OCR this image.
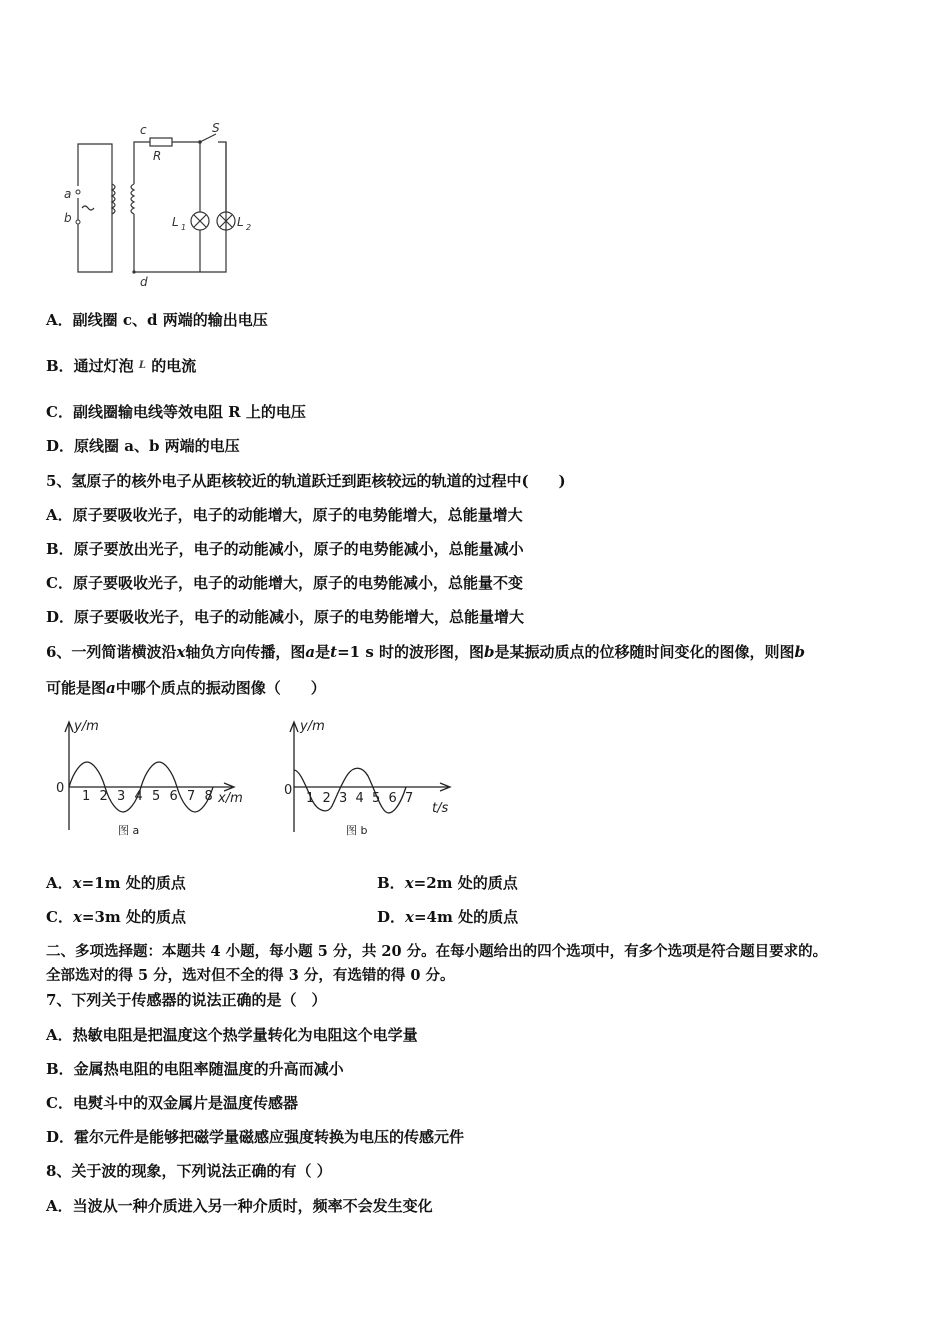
a
b
c
d
R
S
L 1	L 2
A．副线圈 c、d 两端的输出电压
B．通过灯泡 $^L$ 的电流
C．副线圈输电线等效电阻 R 上的电压
D．原线圈 a、b 两端的电压
5、氢原子的核外电子从距核较近的轨道跃迁到距核较远的轨道的过程中(　　)
A．原子要吸收光子，电子的动能增大，原子的电势能增大，总能量增大
B．原子要放出光子，电子的动能减小，原子的电势能减小，总能量减小
C．原子要吸收光子，电子的动能增大，原子的电势能减小，总能量不变
D．原子要吸收光子，电子的动能减小，原子的电势能增大，总能量增大
6、一列简谐横波沿x轴负方向传播，图a是t=1 s 时的波形图，图b是某振动质点的位移随时间变化的图像，则图b
可能是图a中哪个质点的振动图像（　　）
y/m
x/m
0
图 a
1 2 3 4 5 6 7 8
y/m
t/s
0
图 b
1 2 3 4 5 6 7
A．x=1m 处的质点	B．x=2m 处的质点
C．x=3m 处的质点	D．x=4m 处的质点
二、多项选择题：本题共 4 小题，每小题 5 分，共 20 分。在每小题给出的四个选项中，有多个选项是符合题目要求的。
全部选对的得 5 分，选对但不全的得 3 分，有选错的得 0 分。
7、下列关于传感器的说法正确的是（　）
A．热敏电阻是把温度这个热学量转化为电阻这个电学量
B．金属热电阻的电阻率随温度的升高而减小
C．电熨斗中的双金属片是温度传感器
D．霍尔元件是能够把磁学量磁感应强度转换为电压的传感元件
8、关于波的现象，下列说法正确的有（ ）
A．当波从一种介质进入另一种介质时，频率不会发生变化
